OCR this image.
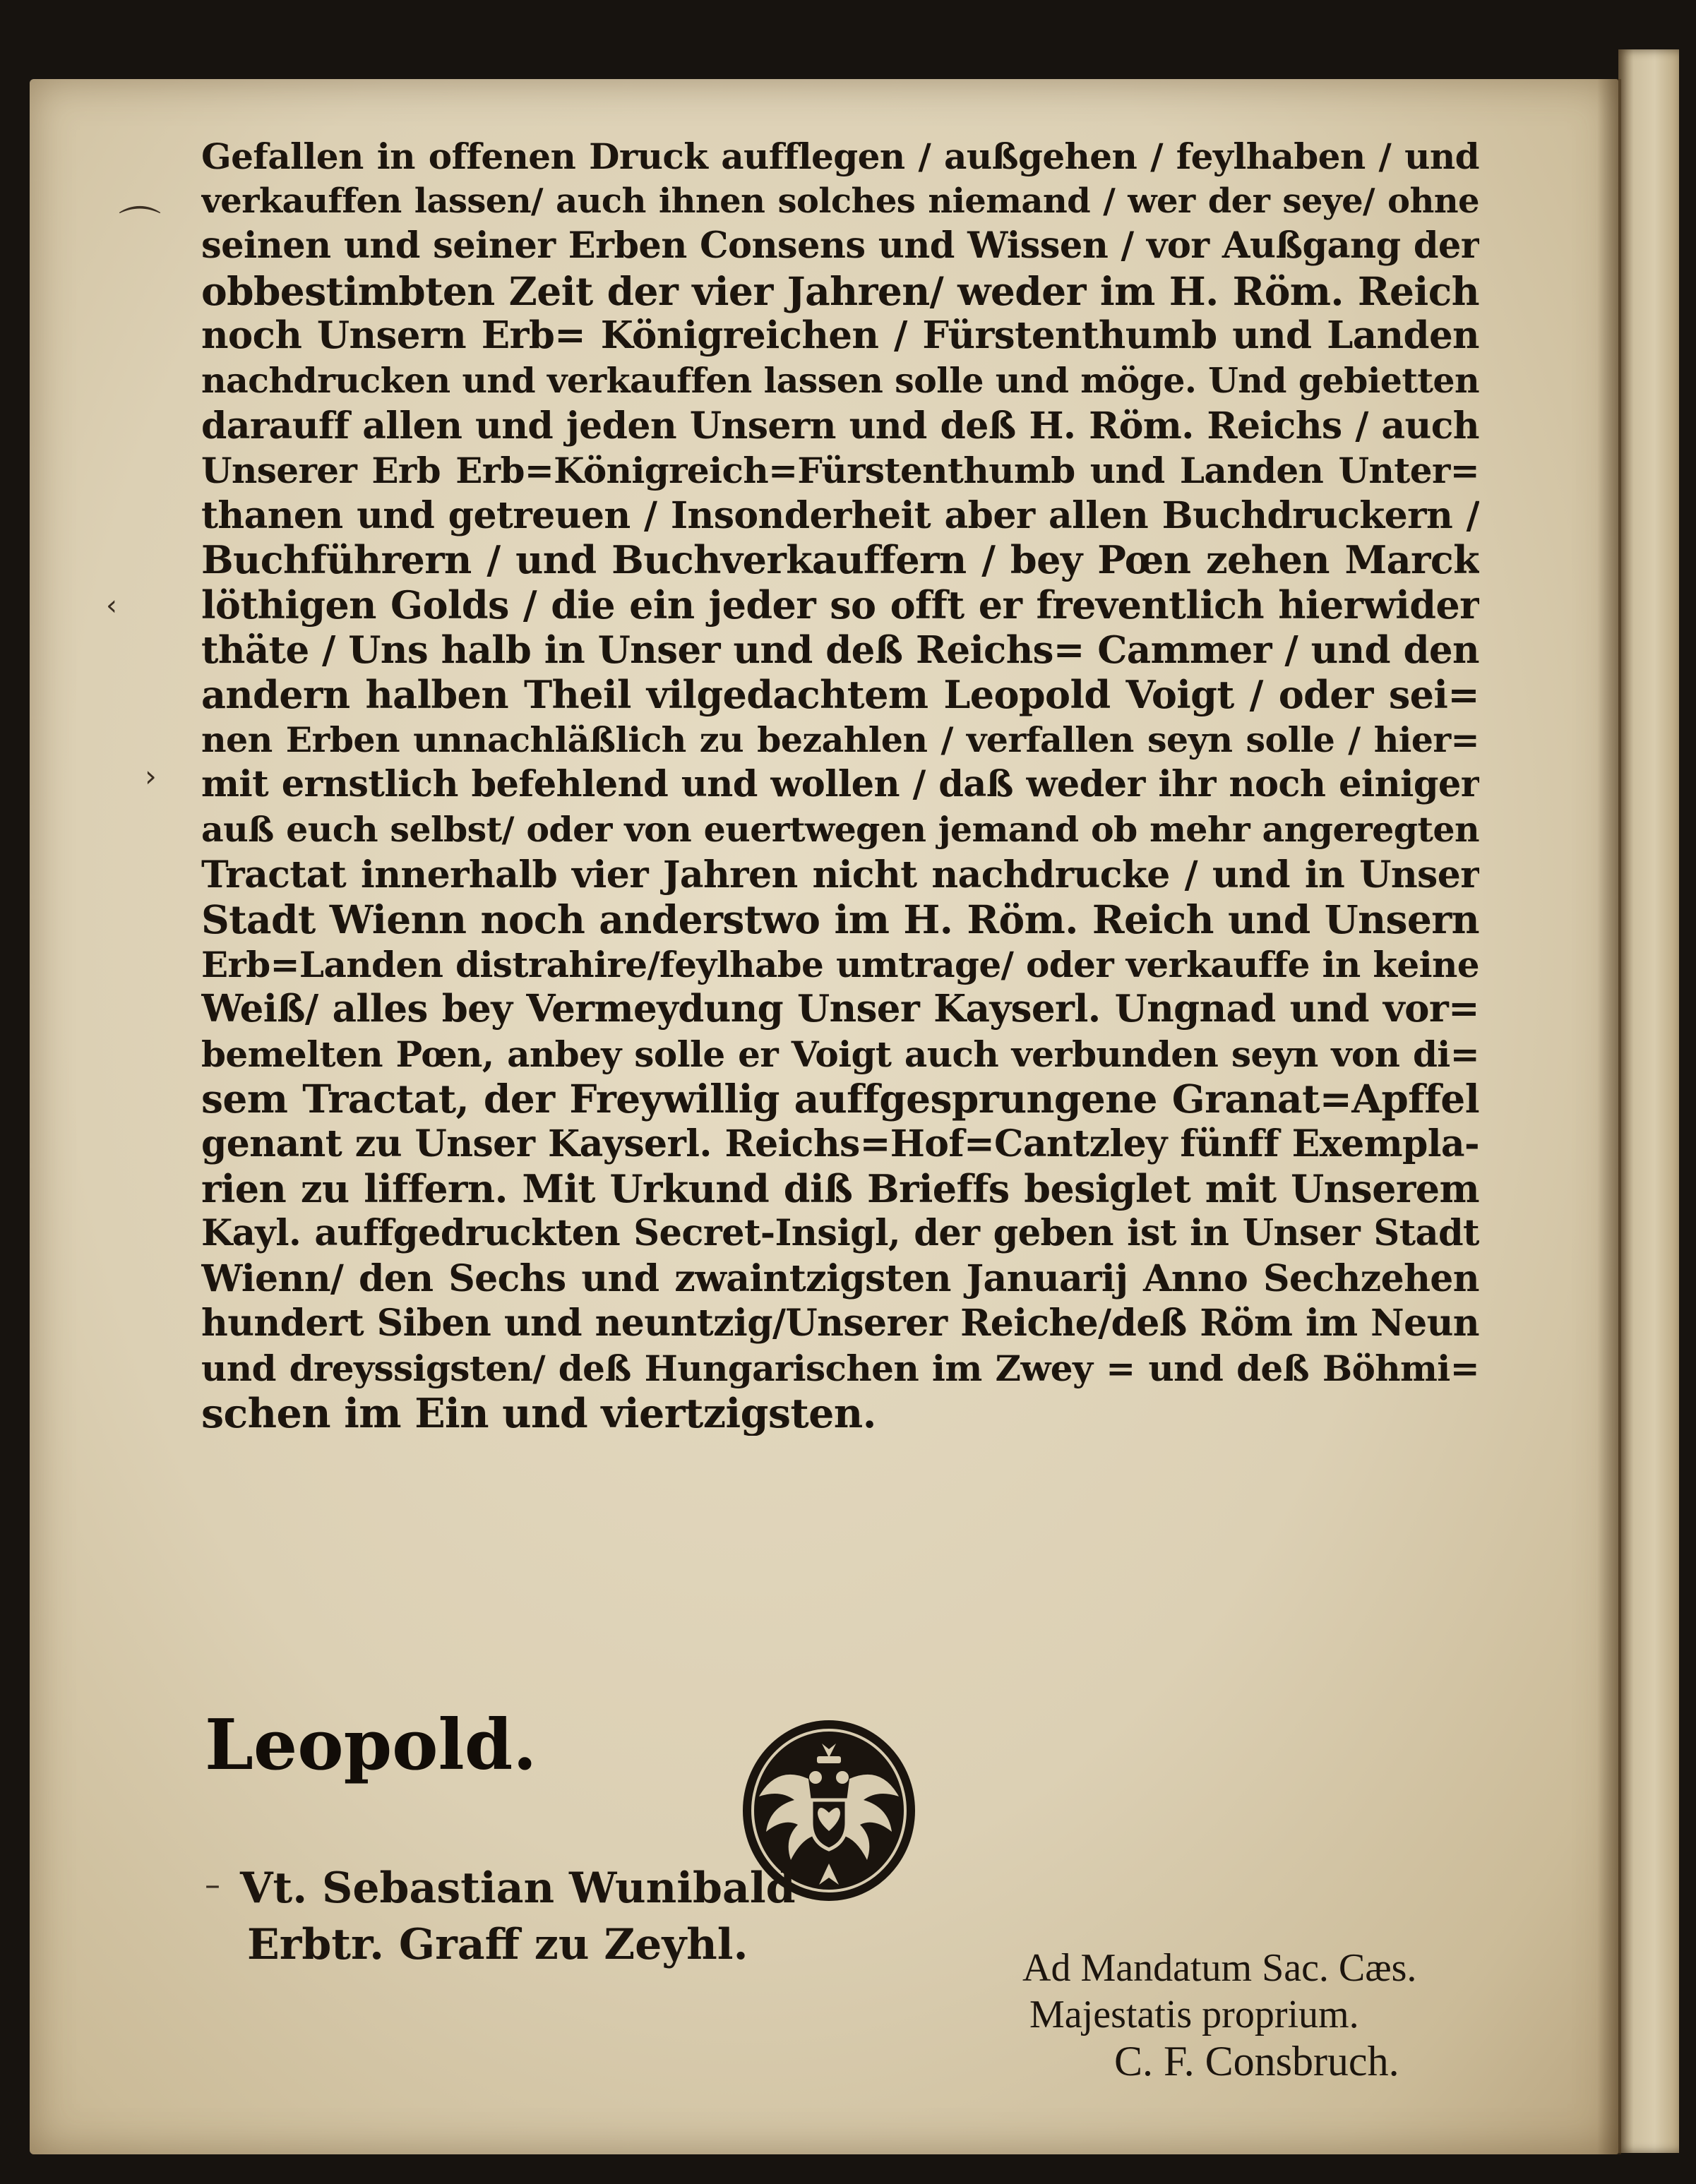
⌒
‹
›
–
Gefallen in offenen Druck aufflegen / außgehen / feylhaben / und
verkauffen lassen/ auch ihnen solches niemand / wer der seye/ ohne
seinen und seiner Erben Consens und Wissen / vor Außgang der
obbestimbten Zeit der vier Jahren/ weder im H. Röm. Reich
noch Unsern Erb= Königreichen / Fürstenthumb und Landen
nachdrucken und verkauffen lassen solle und möge. Und gebietten
darauff allen und jeden Unsern und deß H. Röm. Reichs / auch
Unserer Erb Erb=Königreich=Fürstenthumb und Landen Unter=
thanen und getreuen / Insonderheit aber allen Buchdruckern /
Buchführern / und Buchverkauffern / bey Pœn zehen Marck
löthigen Golds / die ein jeder so offt er freventlich hierwider
thäte / Uns halb in Unser und deß Reichs= Cammer / und den
andern halben Theil vilgedachtem Leopold Voigt / oder sei=
nen Erben unnachläßlich zu bezahlen / verfallen seyn solle / hier=
mit ernstlich befehlend und wollen / daß weder ihr noch einiger
auß euch selbst/ oder von euertwegen jemand ob mehr angeregten
Tractat innerhalb vier Jahren nicht nachdrucke / und in Unser
Stadt Wienn noch anderstwo im H. Röm. Reich und Unsern
Erb=Landen distrahire/feylhabe umtrage/ oder verkauffe in keine
Weiß/ alles bey Vermeydung Unser Kayserl. Ungnad und vor=
bemelten Pœn, anbey solle er Voigt auch verbunden seyn von di=
sem Tractat, der Freywillig auffgesprungene Granat=Apffel
genant zu Unser Kayserl. Reichs=Hof=Cantzley fünff Exempla-
rien zu liffern. Mit Urkund diß Brieffs besiglet mit Unserem
Kayl. auffgedruckten Secret-Insigl, der geben ist in Unser Stadt
Wienn/ den Sechs und zwaintzigsten Januarij Anno Sechzehen
hundert Siben und neuntzig/Unserer Reiche/deß Röm im Neun
und dreyssigsten/ deß Hungarischen im Zwey = und deß Böhmi=
schen im Ein und viertzigsten.
Leopold.
Vt. Sebastian Wunibald
Erbtr. Graff zu Zeyhl.	Ad Mandatum Sac. Cæs.
Majestatis proprium.
C. F. Consbruch.
